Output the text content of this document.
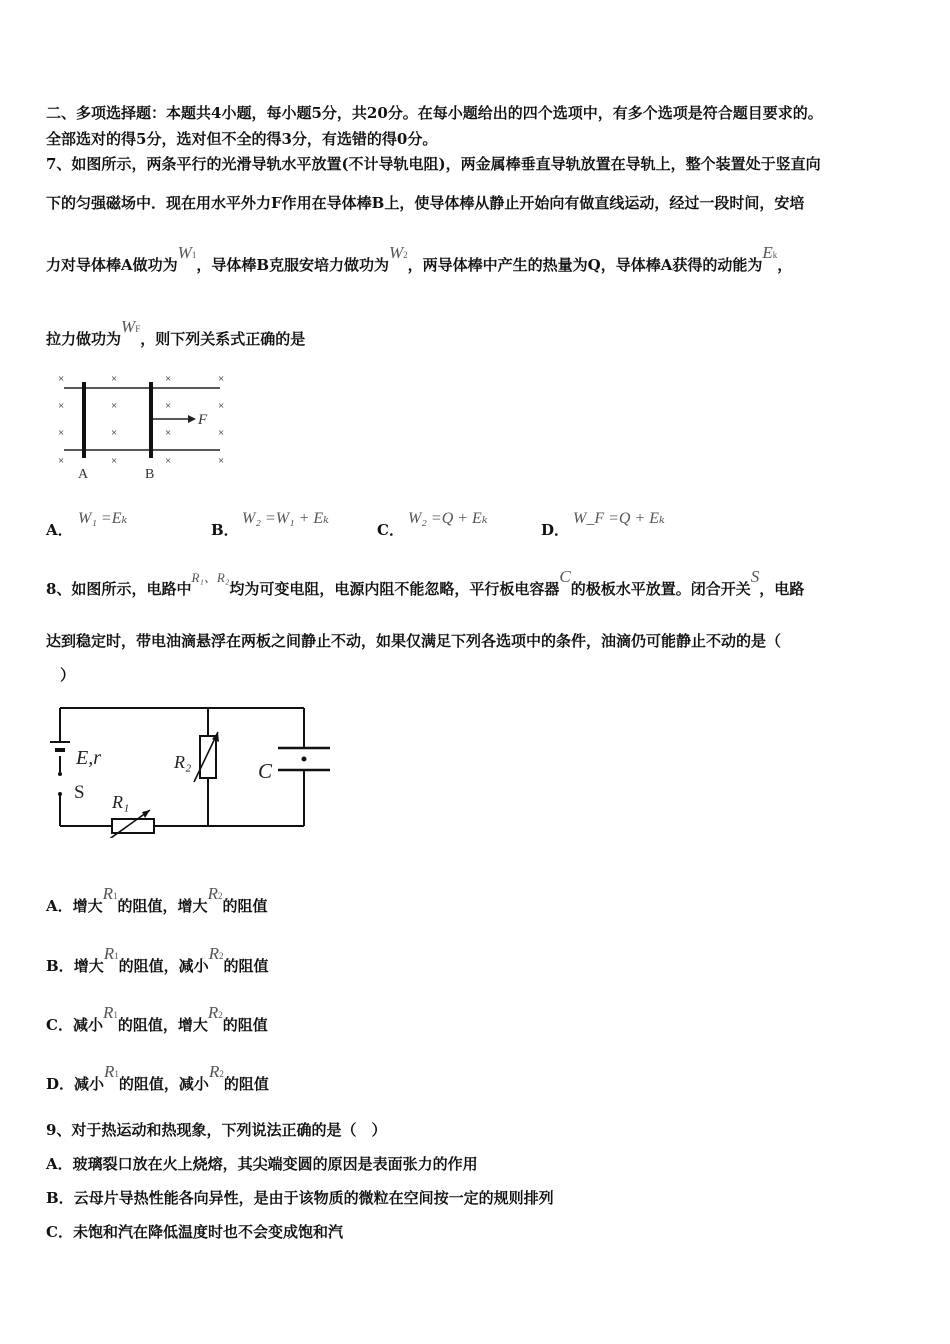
二、多项选择题：本题共4小题，每小题5分，共20分。在每小题给出的四个选项中，有多个选项是符合题目要求的。
全部选对的得5分，选对但不全的得3分，有选错的得0分。
7、如图所示，两条平行的光滑导轨水平放置(不计导轨电阻)，两金属棒垂直导轨放置在导轨上，整个装置处于竖直向
下的匀强磁场中．现在用水平外力F作用在导体棒B上，使导体棒从静止开始向有做直线运动，经过一段时间，安培
力对导体棒A做功为W1，导体棒B克服安培力做功为W2，两导体棒中产生的热量为Q，导体棒A获得的动能为Ek，
拉力做功为WF，则下列关系式正确的是
×	×	×	×
×	×	×	×
×	×	×	×
×	×	×	×
F
A	B
A．
W₁ =Eₖ
B．
W₂ =W₁ + Eₖ
C．
W₂ =Q + Eₖ
D．
W_F =Q + Eₖ
8、如图所示，电路中R₁、R₂均为可变电阻，电源内阻不能忽略，平行板电容器C的极板水平放置。闭合开关S，电路
达到稳定时，带电油滴悬浮在两板之间静止不动，如果仅满足下列各选项中的条件，油滴仍可能静止不动的是（
）
E,r
S R₁
R₂	C
A．增大R1的阻值，增大R2的阻值
B．增大R1的阻值，减小R2的阻值
C．减小R1的阻值，增大R2的阻值
D．减小R1的阻值，减小R2的阻值
9、对于热运动和热现象，下列说法正确的是（　）
A．玻璃裂口放在火上烧熔，其尖端变圆的原因是表面张力的作用
B．云母片导热性能各向异性，是由于该物质的微粒在空间按一定的规则排列
C．未饱和汽在降低温度时也不会变成饱和汽
